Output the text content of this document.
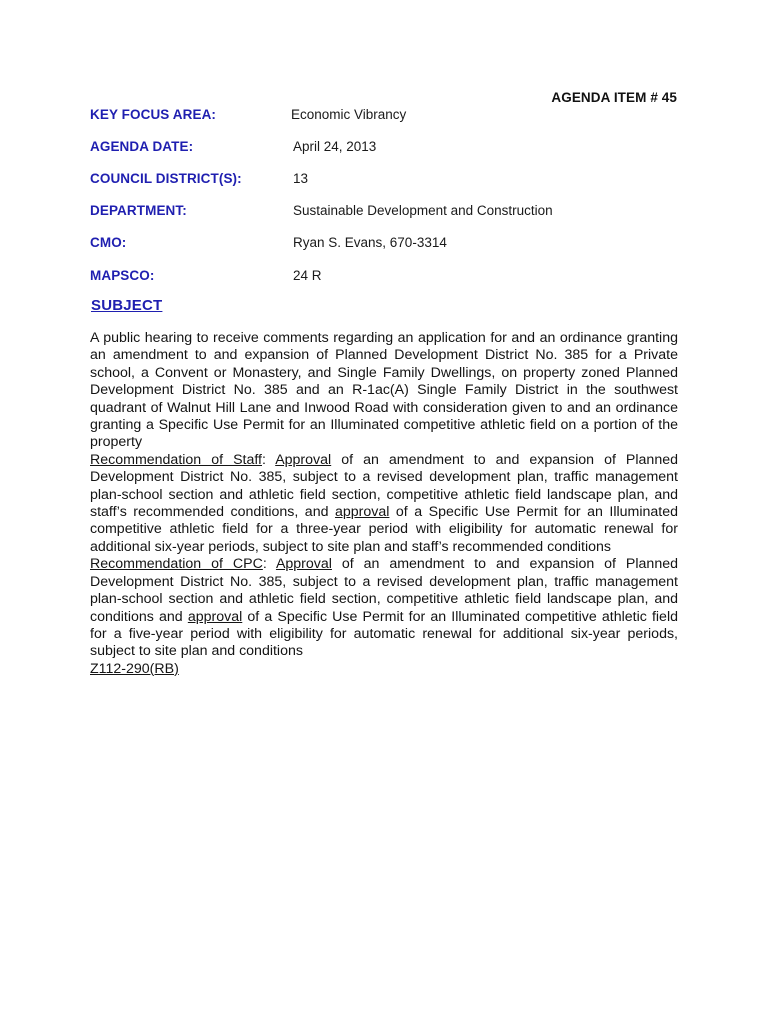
AGENDA ITEM # 45
KEY FOCUS AREA:	Economic Vibrancy
AGENDA DATE:	April 24, 2013
COUNCIL DISTRICT(S):	13
DEPARTMENT:	Sustainable Development and Construction
CMO:	Ryan S. Evans, 670-3314
MAPSCO:	24 R
SUBJECT

A public hearing to receive comments regarding an application for and an ordinance granting an amendment to and expansion of Planned Development District No. 385 for a Private school, a Convent or Monastery, and Single Family Dwellings, on property zoned Planned Development District No. 385 and an R-1ac(A) Single Family District in the southwest quadrant of Walnut Hill Lane and Inwood Road with consideration given to and an ordinance granting a Specific Use Permit for an Illuminated competitive athletic field on a portion of the property

Recommendation of Staff: Approval of an amendment to and expansion of Planned Development District No. 385, subject to a revised development plan, traffic management plan-school section and athletic field section, competitive athletic field landscape plan, and staff’s recommended conditions, and approval of a Specific Use Permit for an Illuminated competitive athletic field for a three-year period with eligibility for automatic renewal for additional six-year periods, subject to site plan and staff’s recommended conditions

Recommendation of CPC: Approval of an amendment to and expansion of Planned Development District No. 385, subject to a revised development plan, traffic management plan-school section and athletic field section, competitive athletic field landscape plan, and conditions and approval of a Specific Use Permit for an Illuminated competitive athletic field for a five-year period with eligibility for automatic renewal for additional six-year periods, subject to site plan and conditions

Z112-290(RB)
